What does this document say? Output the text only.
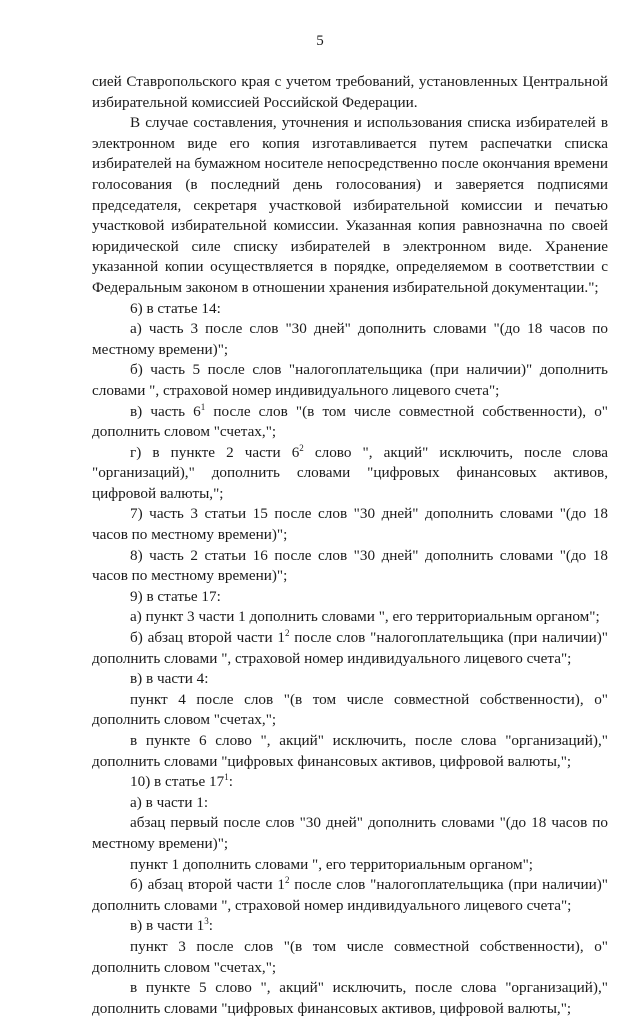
5

сией Ставропольского края с учетом требований, установленных Центральной избирательной комиссией Российской Федерации.

В случае составления, уточнения и использования списка избирателей в электронном виде его копия изготавливается путем распечатки списка избирателей на бумажном носителе непосредственно после окончания времени голосования (в последний день голосования) и заверяется подписями председателя, секретаря участковой избирательной комиссии и печатью участковой избирательной комиссии. Указанная копия равнозначна по своей юридической силе списку избирателей в электронном виде. Хранение указанной копии осуществляется в порядке, определяемом в соответствии с Федеральным законом в отношении хранения избирательной документации.";

6) в статье 14:

а) часть 3 после слов "30 дней" дополнить словами "(до 18 часов по местному времени)";

б) часть 5 после слов "налогоплательщика (при наличии)" дополнить словами ", страховой номер индивидуального лицевого счета";

в) часть $6^1$ после слов "(в том числе совместной собственности), о" дополнить словом "счетах,";

г) в пункте 2 части $6^2$ слово ", акций" исключить, после слова "организаций)," дополнить словами "цифровых финансовых активов, цифровой валюты,";

7) часть 3 статьи 15 после слов "30 дней" дополнить словами "(до 18 часов по местному времени)";

8) часть 2 статьи 16 после слов "30 дней" дополнить словами "(до 18 часов по местному времени)";

9) в статье 17:

а) пункт 3 части 1 дополнить словами ", его территориальным органом";

б) абзац второй части $1^2$ после слов "налогоплательщика (при наличии)" дополнить словами ", страховой номер индивидуального лицевого счета";

в) в части 4:

пункт 4 после слов "(в том числе совместной собственности), о" дополнить словом "счетах,";

в пункте 6 слово ", акций" исключить, после слова "организаций)," дополнить словами "цифровых финансовых активов, цифровой валюты,";

10) в статье $17^1$:

а) в части 1:

абзац первый после слов "30 дней" дополнить словами "(до 18 часов по местному времени)";

пункт 1 дополнить словами ", его территориальным органом";

б) абзац второй части $1^2$ после слов "налогоплательщика (при наличии)" дополнить словами ", страховой номер индивидуального лицевого счета";

в) в части $1^3$:

пункт 3 после слов "(в том числе совместной собственности), о" дополнить словом "счетах,";

в пункте 5 слово ", акций" исключить, после слова "организаций)," дополнить словами "цифровых финансовых активов, цифровой валюты,";
